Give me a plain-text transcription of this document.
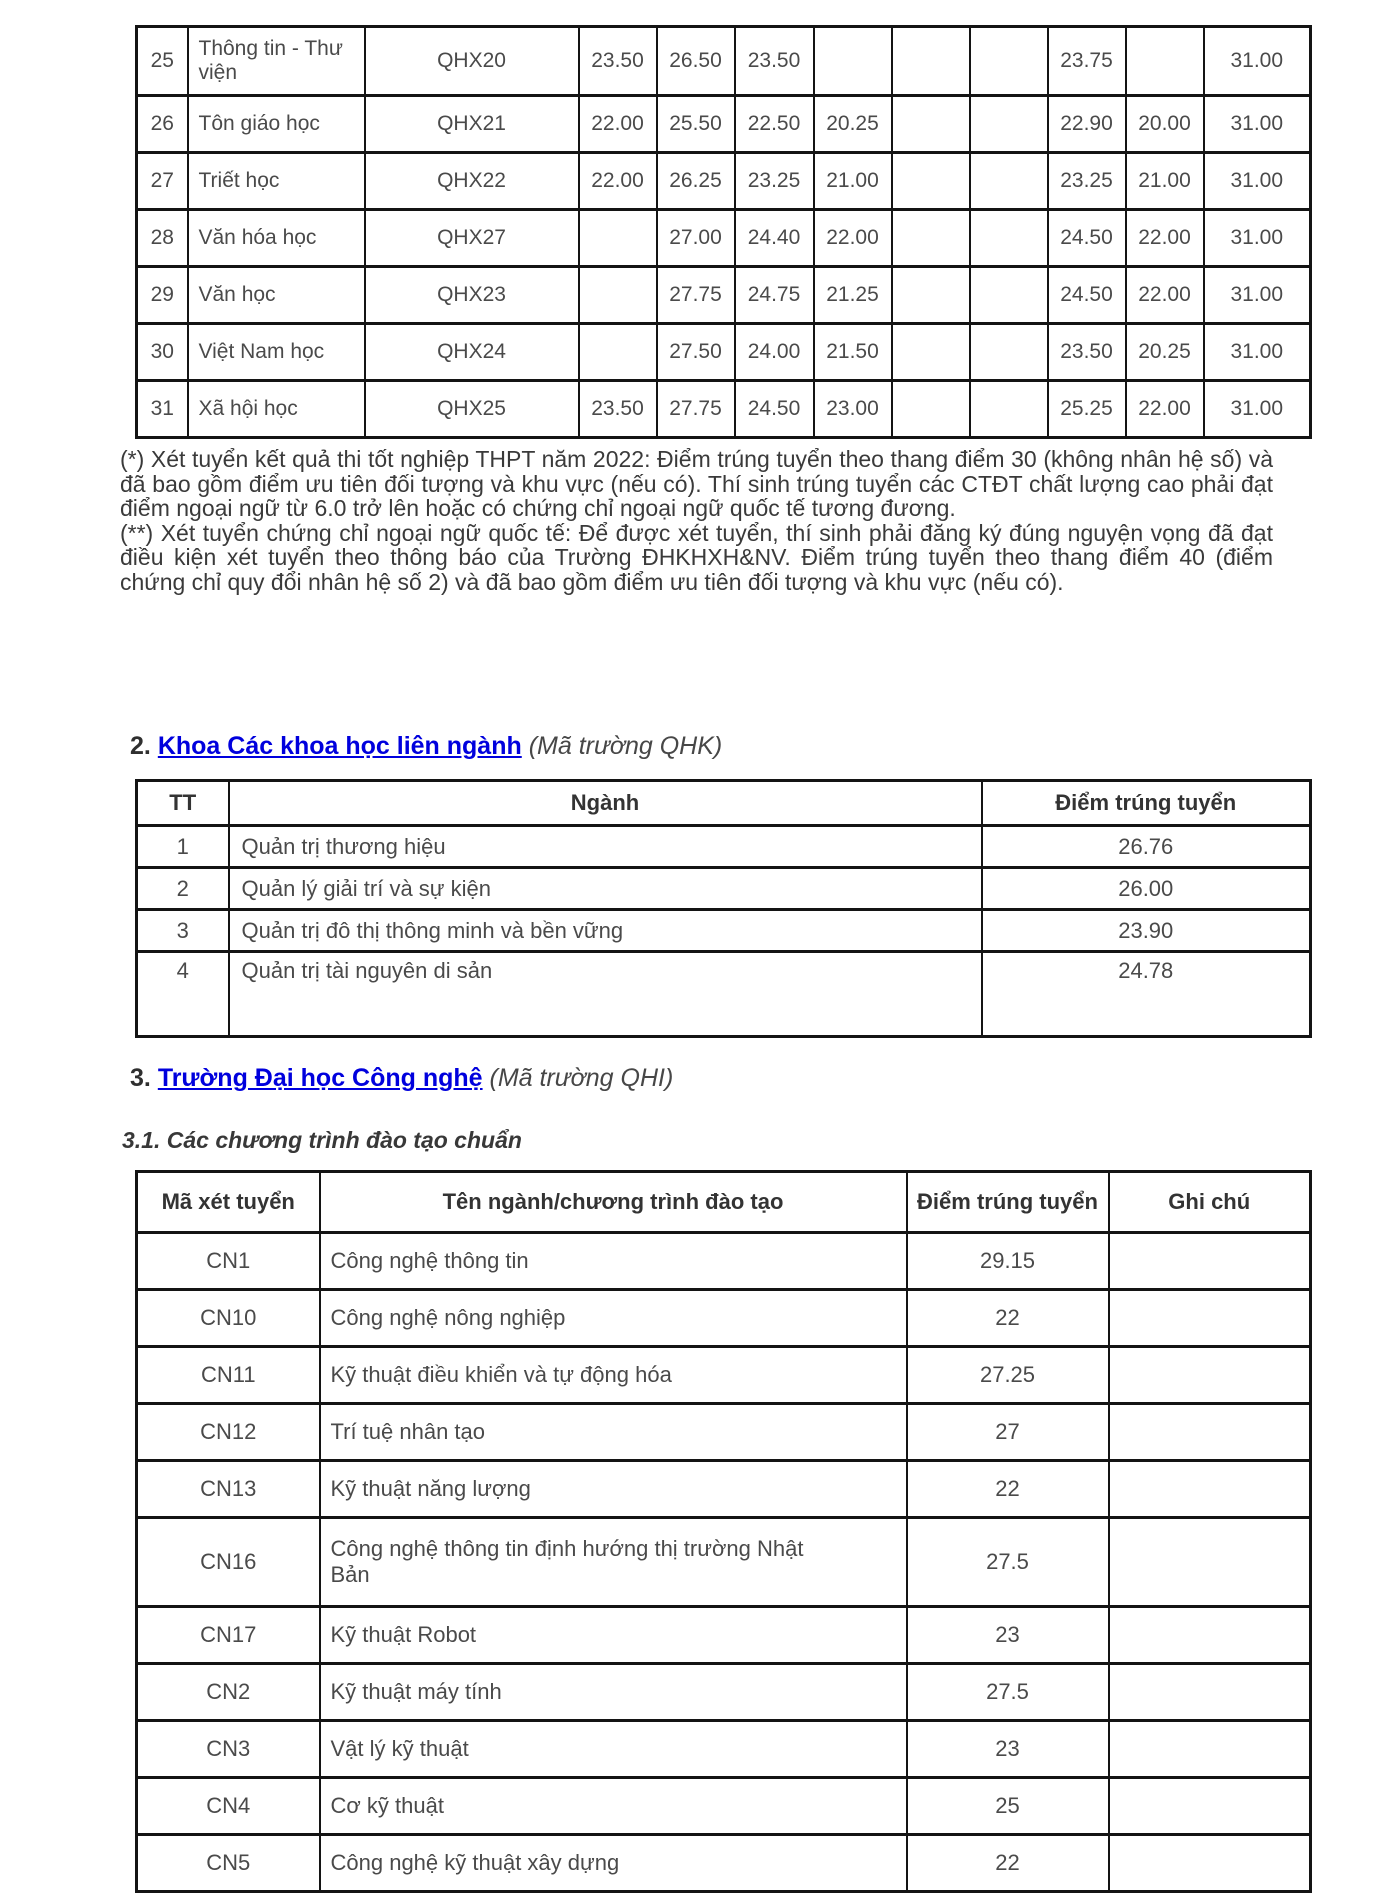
25	Thông tin - Thư viện	QHX20	23.50	26.50	23.50				23.75		31.00
26	Tôn giáo học	QHX21	22.00	25.50	22.50	20.25			22.90	20.00	31.00
27	Triết học	QHX22	22.00	26.25	23.25	21.00			23.25	21.00	31.00
28	Văn hóa học	QHX27		27.00	24.40	22.00			24.50	22.00	31.00
29	Văn học	QHX23		27.75	24.75	21.25			24.50	22.00	31.00
30	Việt Nam học	QHX24		27.50	24.00	21.50			23.50	20.25	31.00
31	Xã hội học	QHX25	23.50	27.75	24.50	23.00			25.25	22.00	31.00

(*) Xét tuyển kết quả thi tốt nghiệp THPT năm 2022: Điểm trúng tuyển theo thang điểm 30 (không nhân hệ số) và đã bao gồm điểm ưu tiên đối tượng và khu vực (nếu có). Thí sinh trúng tuyển các CTĐT chất lượng cao phải đạt điểm ngoại ngữ từ 6.0 trở lên hoặc có chứng chỉ ngoại ngữ quốc tế tương đương.

(**) Xét tuyển chứng chỉ ngoại ngữ quốc tế: Để được xét tuyển, thí sinh phải đăng ký đúng nguyện vọng đã đạt điều kiện xét tuyển theo thông báo của Trường ĐHKHXH&NV. Điểm trúng tuyển theo thang điểm 40 (điểm chứng chỉ quy đổi nhân hệ số 2) và đã bao gồm điểm ưu tiên đối tượng và khu vực (nếu có).

2. Khoa Các khoa học liên ngành (Mã trường QHK)
TT	Ngành	Điểm trúng tuyển
1	Quản trị thương hiệu	26.76
2	Quản lý giải trí và sự kiện	26.00
3	Quản trị đô thị thông minh và bền vững	23.90
4	Quản trị tài nguyên di sản	24.78
3. Trường Đại học Công nghệ (Mã trường QHI)
3.1. Các chương trình đào tạo chuẩn
Mã xét tuyển	Tên ngành/chương trình đào tạo	Điểm trúng tuyển	Ghi chú
CN1	Công nghệ thông tin	29.15	
CN10	Công nghệ nông nghiệp	22	
CN11	Kỹ thuật điều khiển và tự động hóa	27.25	
CN12	Trí tuệ nhân tạo	27	
CN13	Kỹ thuật năng lượng	22	
CN16	Công nghệ thông tin định hướng thị trường Nhật Bản	27.5	
CN17	Kỹ thuật Robot	23	
CN2	Kỹ thuật máy tính	27.5	
CN3	Vật lý kỹ thuật	23	
CN4	Cơ kỹ thuật	25	
CN5	Công nghệ kỹ thuật xây dựng	22	
